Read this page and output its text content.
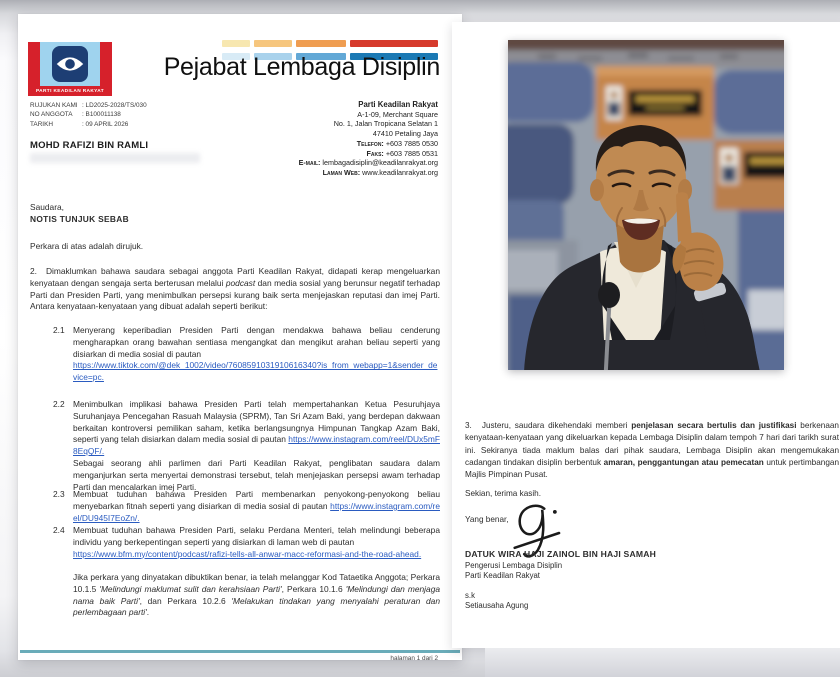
PARTI KEADILAN RAKYAT
Pejabat Lembaga Disiplin
RUJUKAN KAMI : LD2025-2028/TS/030
NO ANGGOTA : B100011138
TARIKH	: 09 APRIL 2026
MOHD RAFIZI BIN RAMLI
Parti Keadilan Rakyat
A-1-09, Merchant Square
No. 1, Jalan Tropicana Selatan 1
47410 Petaling Jaya
Telefon: +603 7885 0530
Faks: +603 7885 0531
E-mail: lembagadisiplin@keadilanrakyat.org
Laman Web: www.keadilanrakyat.org
Saudara,
NOTIS TUNJUK SEBAB
Perkara di atas adalah dirujuk.
2. Dimaklumkan bahawa saudara sebagai anggota Parti Keadilan Rakyat, didapati kerap mengeluarkan kenyataan dengan sengaja serta berterusan melalui podcast dan media sosial yang berunsur negatif terhadap Parti dan Presiden Parti, yang menimbulkan persepsi kurang baik serta menjejaskan reputasi dan imej Parti. Antara kenyataan-kenyataan yang dibuat adalah seperti berikut:
2.1 Menyerang keperibadian Presiden Parti dengan mendakwa bahawa beliau cenderung mengharapkan orang bawahan sentiasa mengangkat dan mengikut arahan beliau seperti yang disiarkan di media sosial di pautan
https://www.tiktok.com/@dek_1002/video/7608591031910616340?is_from_webapp=1&sender_device=pc.
2.2 Menimbulkan implikasi bahawa Presiden Parti telah mempertahankan Ketua Pesuruhjaya Suruhanjaya Pencegahan Rasuah Malaysia (SPRM), Tan Sri Azam Baki, yang berdepan dakwaan berkaitan kontroversi pemilikan saham, ketika berlangsungnya Himpunan Tangkap Azam Baki, seperti yang telah disiarkan dalam media sosial di pautan https://www.instagram.com/reel/DUx5mF8EqQF/.
Sebagai seorang ahli parlimen dari Parti Keadilan Rakyat, penglibatan saudara dalam menganjurkan serta menyertai demonstrasi tersebut, telah menjejaskan persepsi awam terhadap Parti dan mencalarkan imej Parti.
2.3 Membuat tuduhan bahawa Presiden Parti membenarkan penyokong-penyokong beliau menyebarkan fitnah seperti yang disiarkan di media sosial di pautan https://www.instagram.com/reel/DU945I7EoZn/.
2.4 Membuat tuduhan bahawa Presiden Parti, selaku Perdana Menteri, telah melindungi beberapa individu yang berkepentingan seperti yang disiarkan di laman web di pautan
https://www.bfm.my/content/podcast/rafizi-tells-all-anwar-macc-reformasi-and-the-road-ahead.
Jika perkara yang dinyatakan dibuktikan benar, ia telah melanggar Kod Tataetika Anggota; Perkara 10.1.5 'Melindungi maklumat sulit dan kerahsiaan Parti', Perkara 10.1.6 'Melindungi dan menjaga nama baik Parti', dan Perkara 10.2.6 'Melakukan tindakan yang menyalahi peraturan dan perlembagaan parti'.
halaman 1 dari 2
3. Justeru, saudara dikehendaki memberi penjelasan secara bertulis dan justifikasi berkenaan kenyataan-kenyataan yang dikeluarkan kepada Lembaga Disiplin dalam tempoh 7 hari dari tarikh surat ini. Sekiranya tiada maklum balas dari pihak saudara, Lembaga Disiplin akan mengemukakan cadangan tindakan disiplin berbentuk amaran, penggantungan atau pemecatan untuk pertimbangan Majlis Pimpinan Pusat.
Sekian, terima kasih.
Yang benar,
DATUK WIRA HAJI ZAINOL BIN HAJI SAMAH
Pengerusi Lembaga Disiplin
Parti Keadilan Rakyat
s.k
Setiausaha Agung
